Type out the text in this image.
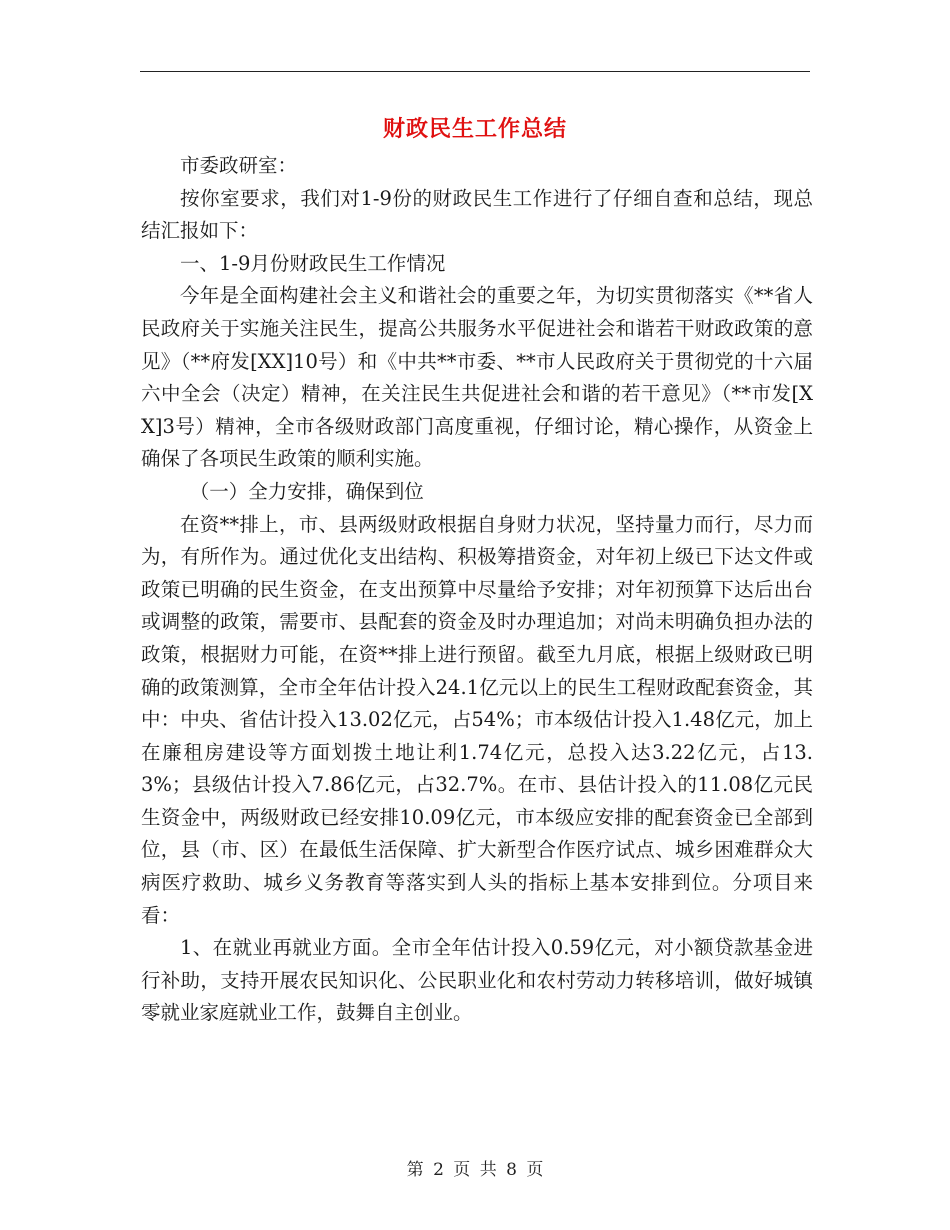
财政民生工作总结

市委政研室：

按你室要求，我们对1-9份的财政民生工作进行了仔细自查和总结，现总结汇报如下：

一、1-9月份财政民生工作情况

今年是全面构建社会主义和谐社会的重要之年，为切实贯彻落实《**省人民政府关于实施关注民生，提高公共服务水平促进社会和谐若干财政政策的意见》（**府发[XX]10号）和《中共**市委、**市人民政府关于贯彻党的十六届六中全会（决定）精神，在关注民生共促进社会和谐的若干意见》（**市发[XX]3号）精神，全市各级财政部门高度重视，仔细讨论，精心操作，从资金上确保了各项民生政策的顺利实施。

（一）全力安排，确保到位

在资**排上，市、县两级财政根据自身财力状况，坚持量力而行，尽力而为，有所作为。通过优化支出结构、积极筹措资金，对年初上级已下达文件或政策已明确的民生资金，在支出预算中尽量给予安排；对年初预算下达后出台或调整的政策，需要市、县配套的资金及时办理追加；对尚未明确负担办法的政策，根据财力可能，在资**排上进行预留。截至九月底，根据上级财政已明确的政策测算，全市全年估计投入24.1亿元以上的民生工程财政配套资金，其中：中央、省估计投入13.02亿元，占54%；市本级估计投入1.48亿元，加上在廉租房建设等方面划拨土地让利1.74亿元，总投入达3.22亿元，占13.3%；县级估计投入7.86亿元，占32.7%。在市、县估计投入的11.08亿元民生资金中，两级财政已经安排10.09亿元，市本级应安排的配套资金已全部到位，县（市、区）在最低生活保障、扩大新型合作医疗试点、城乡困难群众大病医疗救助、城乡义务教育等落实到人头的指标上基本安排到位。分项目来看：

1、在就业再就业方面。全市全年估计投入0.59亿元，对小额贷款基金进行补助，支持开展农民知识化、公民职业化和农村劳动力转移培训，做好城镇零就业家庭就业工作，鼓舞自主创业。

第 2 页 共 8 页
